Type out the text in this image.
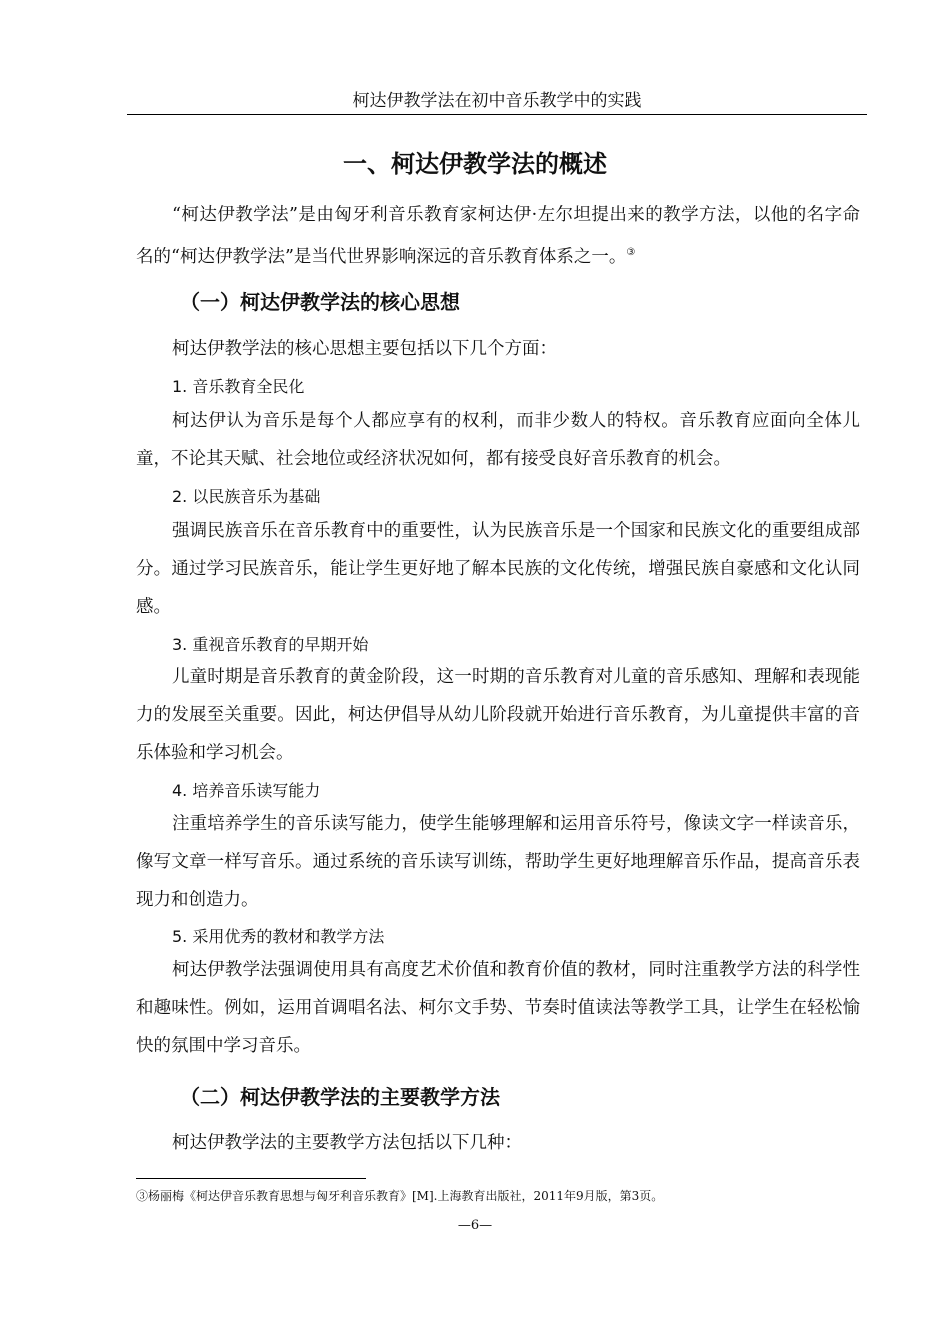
柯达伊教学法在初中音乐教学中的实践
一、柯达伊教学法的概述
“柯达伊教学法”是由匈牙利音乐教育家柯达伊·左尔坦提出来的教学方法，以他的名字命名的“柯达伊教学法”是当代世界影响深远的音乐教育体系之一。③
（一）柯达伊教学法的核心思想
柯达伊教学法的核心思想主要包括以下几个方面：
1. 音乐教育全民化
柯达伊认为音乐是每个人都应享有的权利，而非少数人的特权。音乐教育应面向全体儿童，不论其天赋、社会地位或经济状况如何，都有接受良好音乐教育的机会。
2. 以民族音乐为基础
强调民族音乐在音乐教育中的重要性，认为民族音乐是一个国家和民族文化的重要组成部分。通过学习民族音乐，能让学生更好地了解本民族的文化传统，增强民族自豪感和文化认同感。
3. 重视音乐教育的早期开始
儿童时期是音乐教育的黄金阶段，这一时期的音乐教育对儿童的音乐感知、理解和表现能力的发展至关重要。因此，柯达伊倡导从幼儿阶段就开始进行音乐教育，为儿童提供丰富的音乐体验和学习机会。
4. 培养音乐读写能力
注重培养学生的音乐读写能力，使学生能够理解和运用音乐符号，像读文字一样读音乐，像写文章一样写音乐。通过系统的音乐读写训练，帮助学生更好地理解音乐作品，提高音乐表现力和创造力。
5. 采用优秀的教材和教学方法
柯达伊教学法强调使用具有高度艺术价值和教育价值的教材，同时注重教学方法的科学性和趣味性。例如，运用首调唱名法、柯尔文手势、节奏时值读法等教学工具，让学生在轻松愉快的氛围中学习音乐。
（二）柯达伊教学法的主要教学方法
柯达伊教学法的主要教学方法包括以下几种：
③杨丽梅《柯达伊音乐教育思想与匈牙利音乐教育》[M].上海教育出版社，2011年9月版，第3页。
—6—
